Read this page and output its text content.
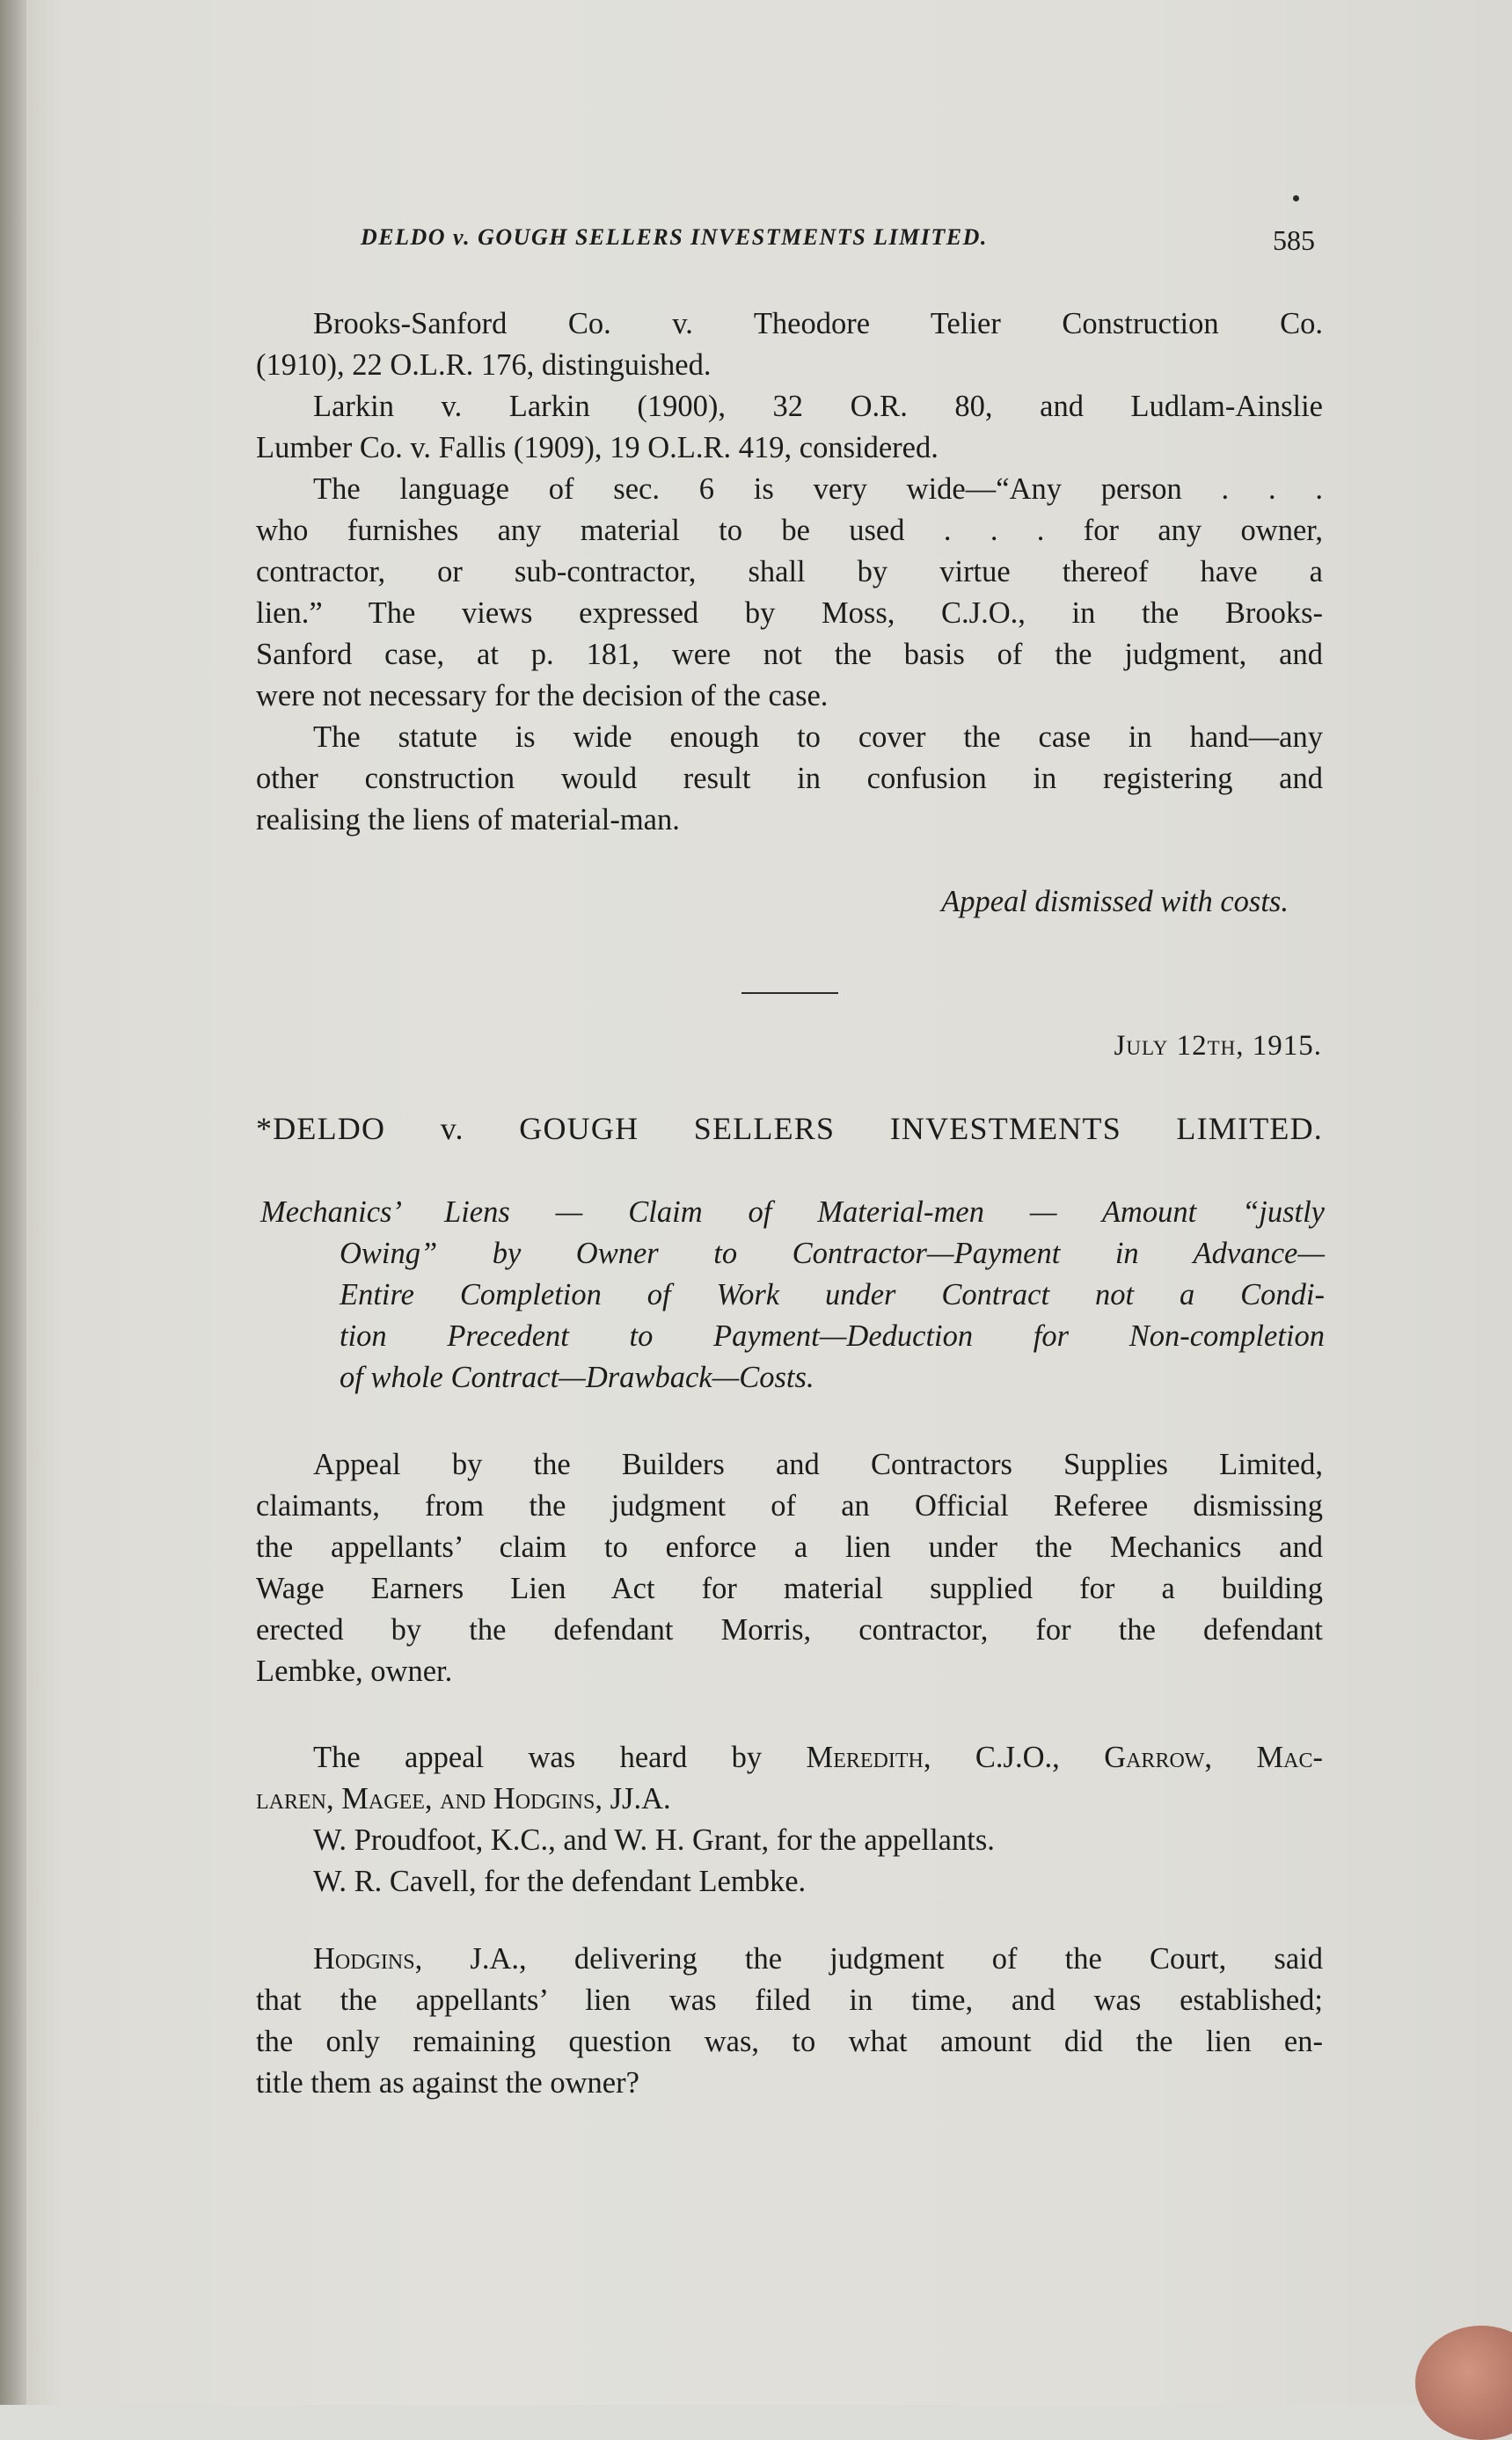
DELDO v. GOUGH SELLERS INVESTMENTS LIMITED.	585
Brooks-Sanford Co. v. Theodore Telier Construction Co.
(1910), 22 O.L.R. 176, distinguished.
Larkin v. Larkin (1900), 32 O.R. 80, and Ludlam-Ainslie
Lumber Co. v. Fallis (1909), 19 O.L.R. 419, considered.
The language of sec. 6 is very wide—“Any person . . .
who furnishes any material to be used . . . for any owner,
contractor, or sub-contractor, shall by virtue thereof have a
lien.” The views expressed by Moss, C.J.O., in the Brooks-
Sanford case, at p. 181, were not the basis of the judgment, and
were not necessary for the decision of the case.
The statute is wide enough to cover the case in hand—any
other construction would result in confusion in registering and
realising the liens of material-man.
Appeal dismissed with costs.
July 12th, 1915.
*DELDO v. GOUGH SELLERS INVESTMENTS LIMITED.
Mechanics’ Liens — Claim of Material-men — Amount “justly
Owing” by Owner to Contractor—Payment in Advance—
Entire Completion of Work under Contract not a Condi-
tion Precedent to Payment—Deduction for Non-completion
of whole Contract—Drawback—Costs.
Appeal by the Builders and Contractors Supplies Limited,
claimants, from the judgment of an Official Referee dismissing
the appellants’ claim to enforce a lien under the Mechanics and
Wage Earners Lien Act for material supplied for a building
erected by the defendant Morris, contractor, for the defendant
Lembke, owner.
The appeal was heard by Meredith, C.J.O., Garrow, Mac-
laren, Magee, and Hodgins, JJ.A.
W. Proudfoot, K.C., and W. H. Grant, for the appellants.
W. R. Cavell, for the defendant Lembke.
Hodgins, J.A., delivering the judgment of the Court, said
that the appellants’ lien was filed in time, and was established;
the only remaining question was, to what amount did the lien en-
title them as against the owner?
